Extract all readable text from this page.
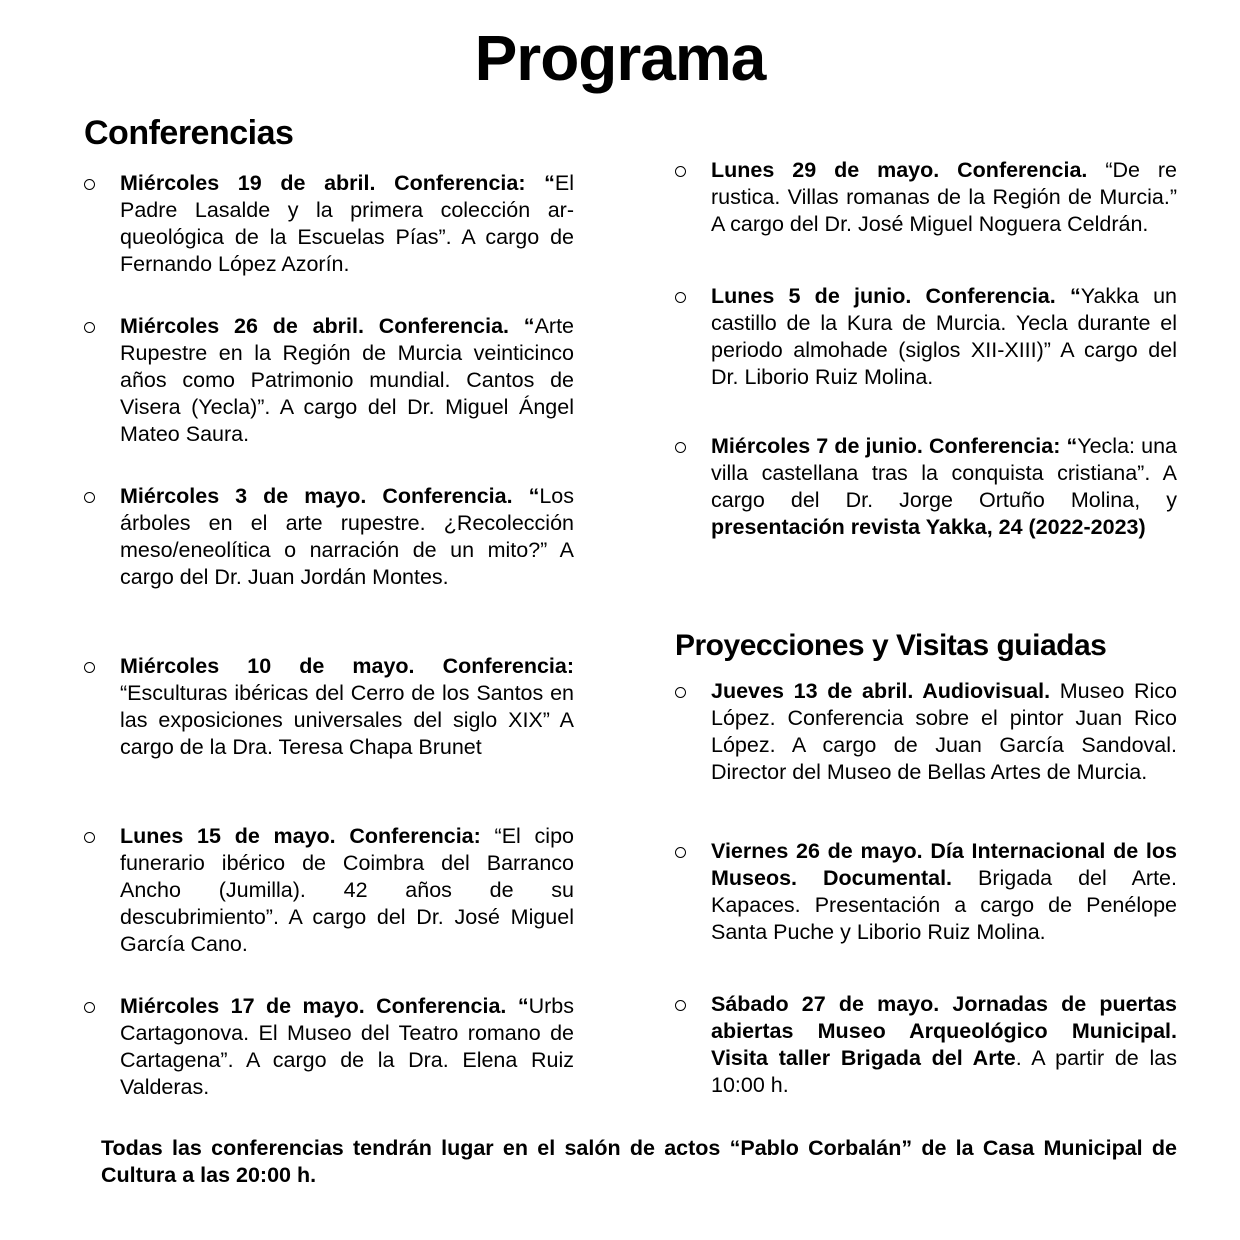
Programa
Conferencias
Miércoles 19 de abril. Conferencia: “El Padre Lasalde y la primera colección arqueológica de la Escuelas Pías”. A cargo de Fernando López Azorín.
Miércoles 26 de abril. Conferencia. “Arte Rupestre en la Región de Murcia veinticinco años como Patrimonio mundial. Cantos de Visera (Yecla)”. A cargo del Dr. Miguel Ángel Mateo Saura.
Miércoles 3 de mayo. Conferencia. “Los árboles en el arte rupestre. ¿Recolección meso/eneolítica o narración de un mito?” A cargo del Dr. Juan Jordán Montes.
Miércoles 10 de mayo. Conferencia: “Esculturas ibéricas del Cerro de los Santos en las exposiciones universales del siglo XIX” A cargo de la Dra. Teresa Chapa Brunet
Lunes 15 de mayo. Conferencia: “El cipo funerario ibérico de Coimbra del Barranco Ancho (Jumilla). 42 años de su descubrimiento”. A cargo del Dr. José Miguel García Cano.
Miércoles 17 de mayo. Conferencia. “Urbs Cartagonova. El Museo del Teatro romano de Cartagena”. A cargo de la Dra. Elena Ruiz Valderas.
Lunes 29 de mayo. Conferencia. “De re rustica. Villas romanas de la Región de Murcia.” A cargo del Dr. José Miguel Noguera Celdrán.
Lunes 5 de junio. Conferencia. “Yakka un castillo de la Kura de Murcia. Yecla durante el periodo almohade (siglos XII-XIII)” A cargo del Dr. Liborio Ruiz Molina.
Miércoles 7 de junio. Conferencia: “Yecla: una villa castellana tras la conquista cristiana”. A cargo del Dr. Jorge Ortuño Molina, y presentación revista Yakka, 24 (2022-2023)
Proyecciones y Visitas guiadas
Jueves 13 de abril. Audiovisual. Museo Rico López. Conferencia sobre el pintor Juan Rico López. A cargo de Juan García Sandoval. Director del Museo de Bellas Artes de Murcia.
Viernes 26 de mayo. Día Internacional de los Museos. Documental. Brigada del Arte. Kapaces. Presentación a cargo de Penélope Santa Puche y Liborio Ruiz Molina.
Sábado 27 de mayo. Jornadas de puertas abiertas Museo Arqueológico Municipal. Visita taller Brigada del Arte. A partir de las 10:00 h.
Todas las conferencias tendrán lugar en el salón de actos “Pablo Corbalán” de la Casa Municipal de Cultura a las 20:00 h.
